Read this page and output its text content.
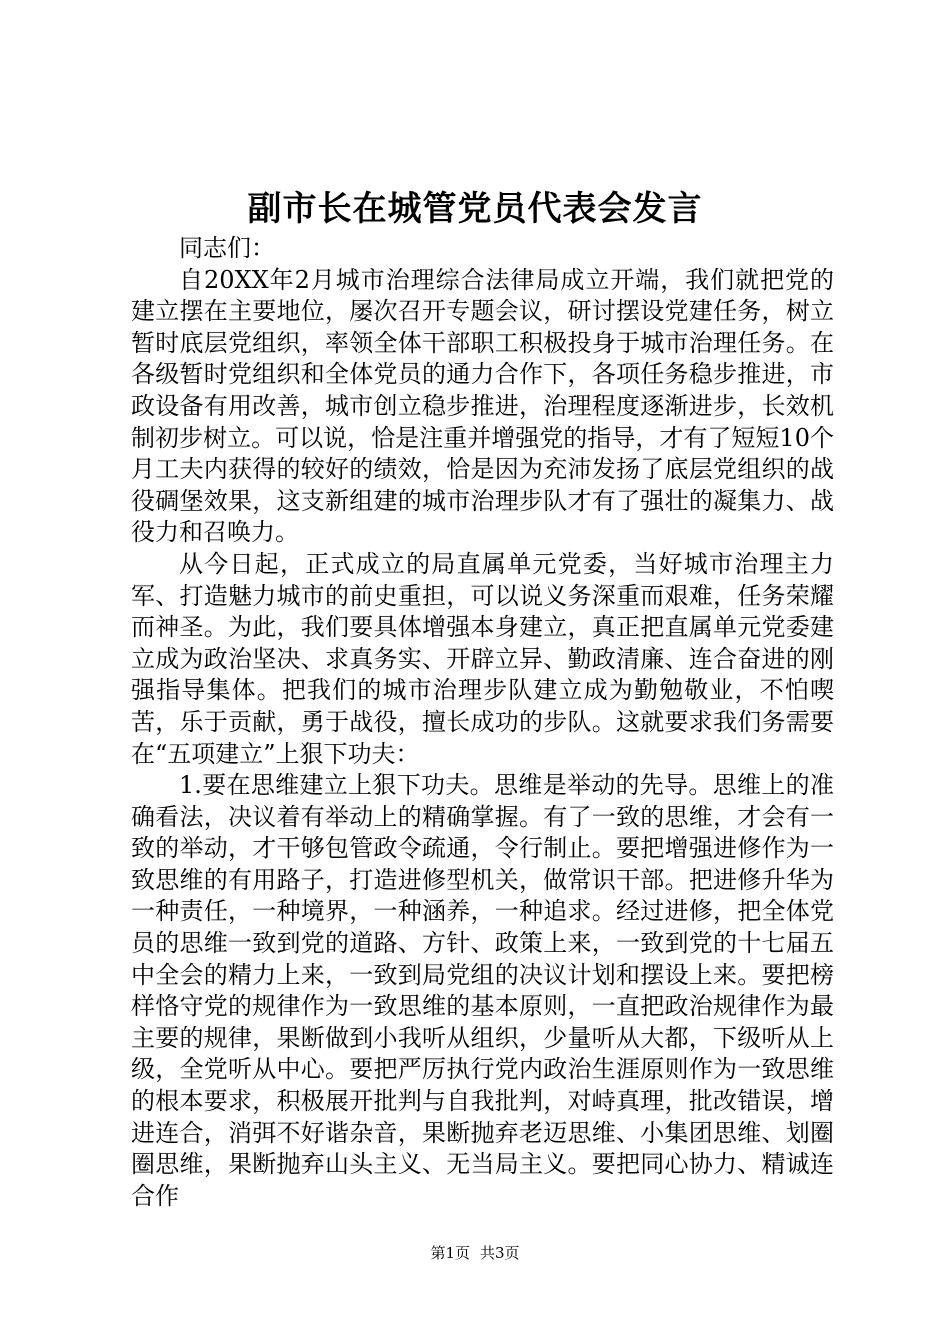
副市长在城管党员代表会发言

同志们：

自20XX年2月城市治理综合法律局成立开端，我们就把党的建立摆在主要地位，屡次召开专题会议，研讨摆设党建任务，树立暂时底层党组织，率领全体干部职工积极投身于城市治理任务。在各级暂时党组织和全体党员的通力合作下，各项任务稳步推进，市政设备有用改善，城市创立稳步推进，治理程度逐渐进步，长效机制初步树立。可以说，恰是注重并增强党的指导，才有了短短10个月工夫内获得的较好的绩效，恰是因为充沛发扬了底层党组织的战役碉堡效果，这支新组建的城市治理步队才有了强壮的凝集力、战役力和召唤力。

从今日起，正式成立的局直属单元党委，当好城市治理主力军、打造魅力城市的前史重担，可以说义务深重而艰难，任务荣耀而神圣。为此，我们要具体增强本身建立，真正把直属单元党委建立成为政治坚决、求真务实、开辟立异、勤政清廉、连合奋进的刚强指导集体。把我们的城市治理步队建立成为勤勉敬业，不怕喫苦，乐于贡献，勇于战役，擅长成功的步队。这就要求我们务需要在“五项建立”上狠下功夫：

1.要在思维建立上狠下功夫。思维是举动的先导。思维上的准确看法，决议着有举动上的精确掌握。有了一致的思维，才会有一致的举动，才干够包管政令疏通，令行制止。要把增强进修作为一致思维的有用路子，打造进修型机关，做常识干部。把进修升华为一种责任，一种境界，一种涵养，一种追求。经过进修，把全体党员的思维一致到党的道路、方针、政策上来，一致到党的十七届五中全会的精力上来，一致到局党组的决议计划和摆设上来。要把榜样恪守党的规律作为一致思维的基本原则，一直把政治规律作为最主要的规律，果断做到小我听从组织，少量听从大都，下级听从上级，全党听从中心。要把严厉执行党内政治生涯原则作为一致思维的根本要求，积极展开批判与自我批判，对峙真理，批改错误，增进连合，消弭不好谐杂音，果断抛弃老迈思维、小集团思维、划圈圈思维，果断抛弃山头主义、无当局主义。要把同心协力、精诚连合作

第1页 共3页
